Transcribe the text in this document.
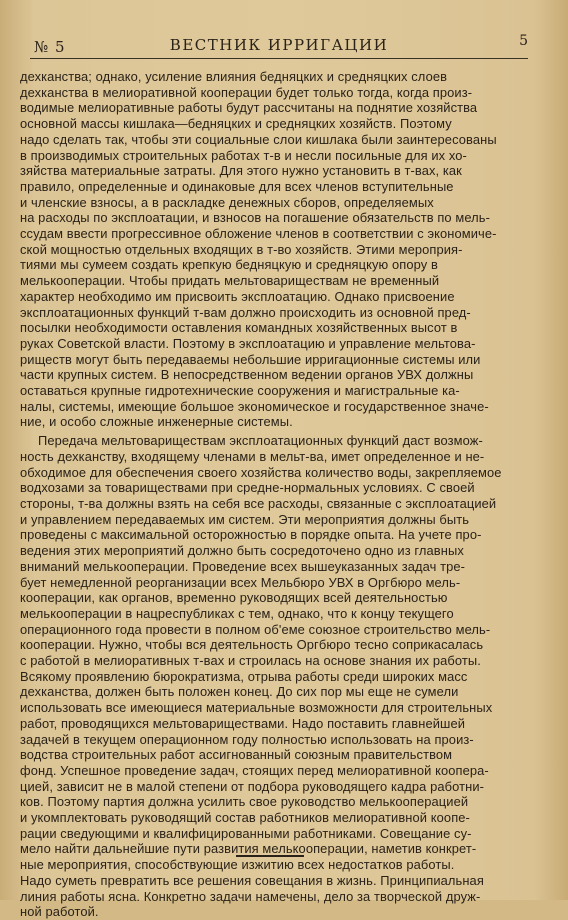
№ 5	ВЕСТНИК ИРРИГАЦИИ	5

дехканства; однако, усиление влияния бедняцких и средняцких слоев
дехканства в мелиоративной кооперации будет только тогда, когда произ-
водимые мелиоративные работы будут рассчитаны на поднятие хозяйства
основной массы кишлака—бедняцких и средняцких хозяйств. Поэтому
надо сделать так, чтобы эти социальные слои кишлака были заинтересованы
в производимых строительных работах т-в и несли посильные для их хо-
зяйства материальные затраты. Для этого нужно установить в т-вах, как
правило, определенные и одинаковые для всех членов вступительные
и членские взносы, а в раскладке денежных сборов, определяемых
на расходы по эксплоатации, и взносов на погашение обязательств по мель-
ссудам ввести прогрессивное обложение членов в соответствии с экономиче-
ской мощностью отдельных входящих в т-во хозяйств. Этими мероприя-
тиями мы сумеем создать крепкую бедняцкую и средняцкую опору в
мелькооперации. Чтобы придать мельтовариществам не временный
характер необходимо им присвоить эксплоатацию. Однако присвоение
эксплоатационных функций т-вам должно происходить из основной пред-
посылки необходимости оставления командных хозяйственных высот в
руках Советской власти. Поэтому в эксплоатацию и управление мельтова-
риществ могут быть передаваемы небольшие ирригационные системы или
части крупных систем. В непосредственном ведении органов УВХ должны
оставаться крупные гидротехнические сооружения и магистральные ка-
налы, системы, имеющие большое экономическое и государственное значе-
ние, и особо сложные инженерные системы.

Передача мельтовариществам эксплоатационных функций даст возмож-
ность дехканству, входящему членами в мельт-ва, имет определенное и не-
обходимое для обеспечения своего хозяйства количество воды, закрепляемое
водхозами за товариществами при средне-нормальных условиях. С своей
стороны, т-ва должны взять на себя все расходы, связанные с эксплоатацией
и управлением передаваемых им систем. Эти мероприятия должны быть
проведены с максимальной осторожностью в порядке опыта. На учете про-
ведения этих мероприятий должно быть сосредоточено одно из главных
вниманий мелькооперации. Проведение всех вышеуказанных задач тре-
бует немедленной реорганизации всех Мельбюро УВХ в Оргбюро мель-
кооперации, как органов, временно руководящих всей деятельностью
мелькооперации в нацреспубликах с тем, однако, что к концу текущего
операционного года провести в полном об'еме союзное строительство мель-
кооперации. Нужно, чтобы вся деятельность Оргбюро тесно соприкасалась
с работой в мелиоративных т-вах и строилась на основе знания их работы.
Всякому проявлению бюрократизма, отрыва работы среди широких масс
дехканства, должен быть положен конец. До сих пор мы еще не сумели
использовать все имеющиеся материальные возможности для строительных
работ, проводящихся мельтовариществами. Надо поставить главнейшей
задачей в текущем операционном году полностью использовать на произ-
водства строительных работ ассигнованный союзным правительством
фонд. Успешное проведение задач, стоящих перед мелиоративной коопера-
цией, зависит не в малой степени от подбора руководящего кадра работни-
ков. Поэтому партия должна усилить свое руководство мелькооперацией
и укомплектовать руководящий состав работников мелиоративной коопе-
рации сведующими и квалифицированными работниками. Совещание су-
мело найти дальнейшие пути развития мелькооперации, наметив конкрет-
ные мероприятия, способствующие изжитию всех недостатков работы.
Надо суметь превратить все решения совещания в жизнь. Принципиальная
линия работы ясна. Конкретно задачи намечены, дело за творческой друж-
ной работой.
